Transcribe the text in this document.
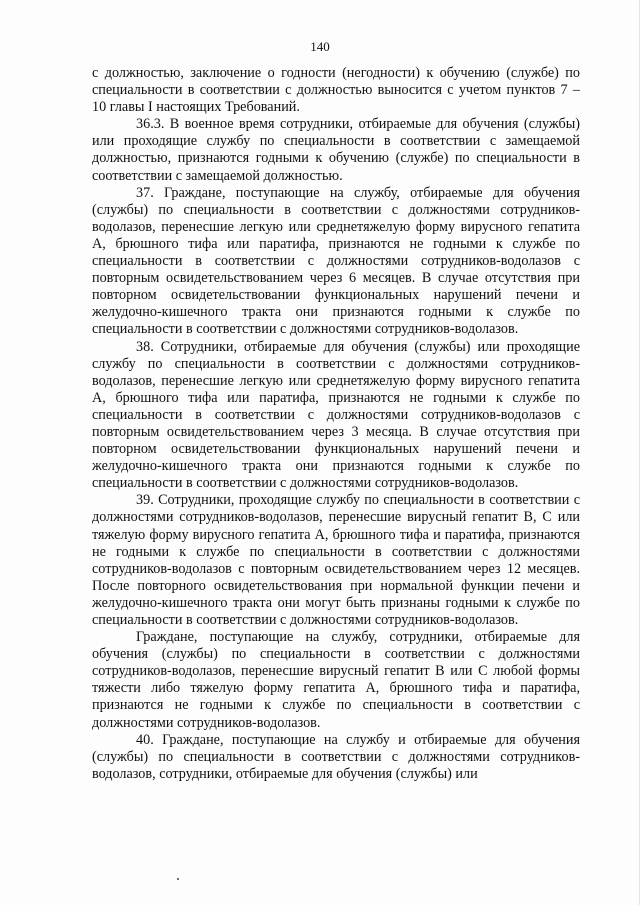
140

с должностью, заключение о годности (негодности) к обучению (службе) по специальности в соответствии с должностью выносится с учетом пунктов 7 – 10 главы I настоящих Требований.

36.3. В военное время сотрудники, отбираемые для обучения (службы) или проходящие службу по специальности в соответствии с замещаемой должностью, признаются годными к обучению (службе) по специальности в соответствии с замещаемой должностью.

37. Граждане, поступающие на службу, отбираемые для обучения (службы) по специальности в соответствии с должностями сотрудников-водолазов, перенесшие легкую или среднетяжелую форму вирусного гепатита А, брюшного тифа или паратифа, признаются не годными к службе по специальности в соответствии с должностями сотрудников-водолазов с повторным освидетельствованием через 6 месяцев. В случае отсутствия при повторном освидетельствовании функциональных нарушений печени и желудочно-кишечного тракта они признаются годными к службе по специальности в соответствии с должностями сотрудников-водолазов.

38. Сотрудники, отбираемые для обучения (службы) или проходящие службу по специальности в соответствии с должностями сотрудников-водолазов, перенесшие легкую или среднетяжелую форму вирусного гепатита А, брюшного тифа или паратифа, признаются не годными к службе по специальности в соответствии с должностями сотрудников-водолазов с повторным освидетельствованием через 3 месяца. В случае отсутствия при повторном освидетельствовании функциональных нарушений печени и желудочно-кишечного тракта они признаются годными к службе по специальности в соответствии с должностями сотрудников-водолазов.

39. Сотрудники, проходящие службу по специальности в соответствии с должностями сотрудников-водолазов, перенесшие вирусный гепатит В, С или тяжелую форму вирусного гепатита А, брюшного тифа и паратифа, признаются не годными к службе по специальности в соответствии с должностями сотрудников-водолазов с повторным освидетельствованием через 12 месяцев. После повторного освидетельствования при нормальной функции печени и желудочно-кишечного тракта они могут быть признаны годными к службе по специальности в соответствии с должностями сотрудников-водолазов.

Граждане, поступающие на службу, сотрудники, отбираемые для обучения (службы) по специальности в соответствии с должностями сотрудников-водолазов, перенесшие вирусный гепатит В или С любой формы тяжести либо тяжелую форму гепатита А, брюшного тифа и паратифа, признаются не годными к службе по специальности в соответствии с должностями сотрудников-водолазов.

40. Граждане, поступающие на службу и отбираемые для обучения (службы) по специальности в соответствии с должностями сотрудников-водолазов, сотрудники, отбираемые для обучения (службы) или
